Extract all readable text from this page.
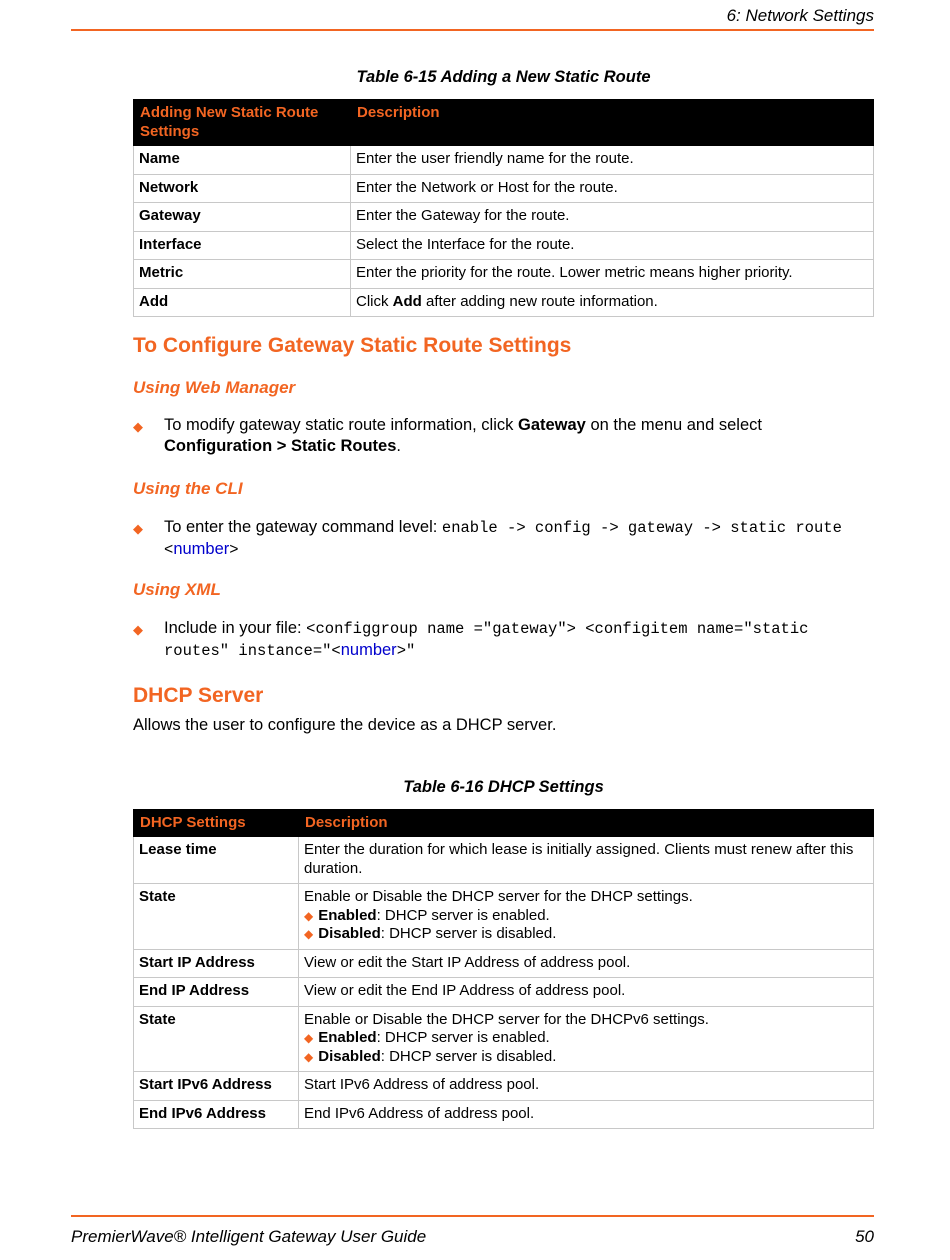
6: Network Settings
Table 6-15 Adding a New Static Route
Adding New Static Route Settings	Description
Name	Enter the user friendly name for the route.
Network	Enter the Network or Host for the route.
Gateway	Enter the Gateway for the route.
Interface	Select the Interface for the route.
Metric	Enter the priority for the route. Lower metric means higher priority.
Add	Click Add after adding new route information.
To Configure Gateway Static Route Settings
Using Web Manager
◆ To modify gateway static route information, click Gateway on the menu and select Configuration > Static Routes.
Using the CLI
◆ To enter the gateway command level: enable -> config -> gateway -> static route <number>
Using XML
◆ Include in your file: <configgroup name ="gateway"> <configitem name="static routes" instance="<number>"
DHCP Server
Allows the user to configure the device as a DHCP server.
Table 6-16 DHCP Settings
DHCP Settings	Description
Lease time	Enter the duration for which lease is initially assigned. Clients must renew after this duration.
State	Enable or Disable the DHCP server for the DHCP settings.
◆ Enabled: DHCP server is enabled.
◆ Disabled: DHCP server is disabled.

Start IP Address	View or edit the Start IP Address of address pool.
End IP Address	View or edit the End IP Address of address pool.
State	Enable or Disable the DHCP server for the DHCPv6 settings.
◆ Enabled: DHCP server is enabled.
◆ Disabled: DHCP server is disabled.

Start IPv6 Address	Start IPv6 Address of address pool.
End IPv6 Address	End IPv6 Address of address pool.
PremierWave® Intelligent Gateway User Guide	50
